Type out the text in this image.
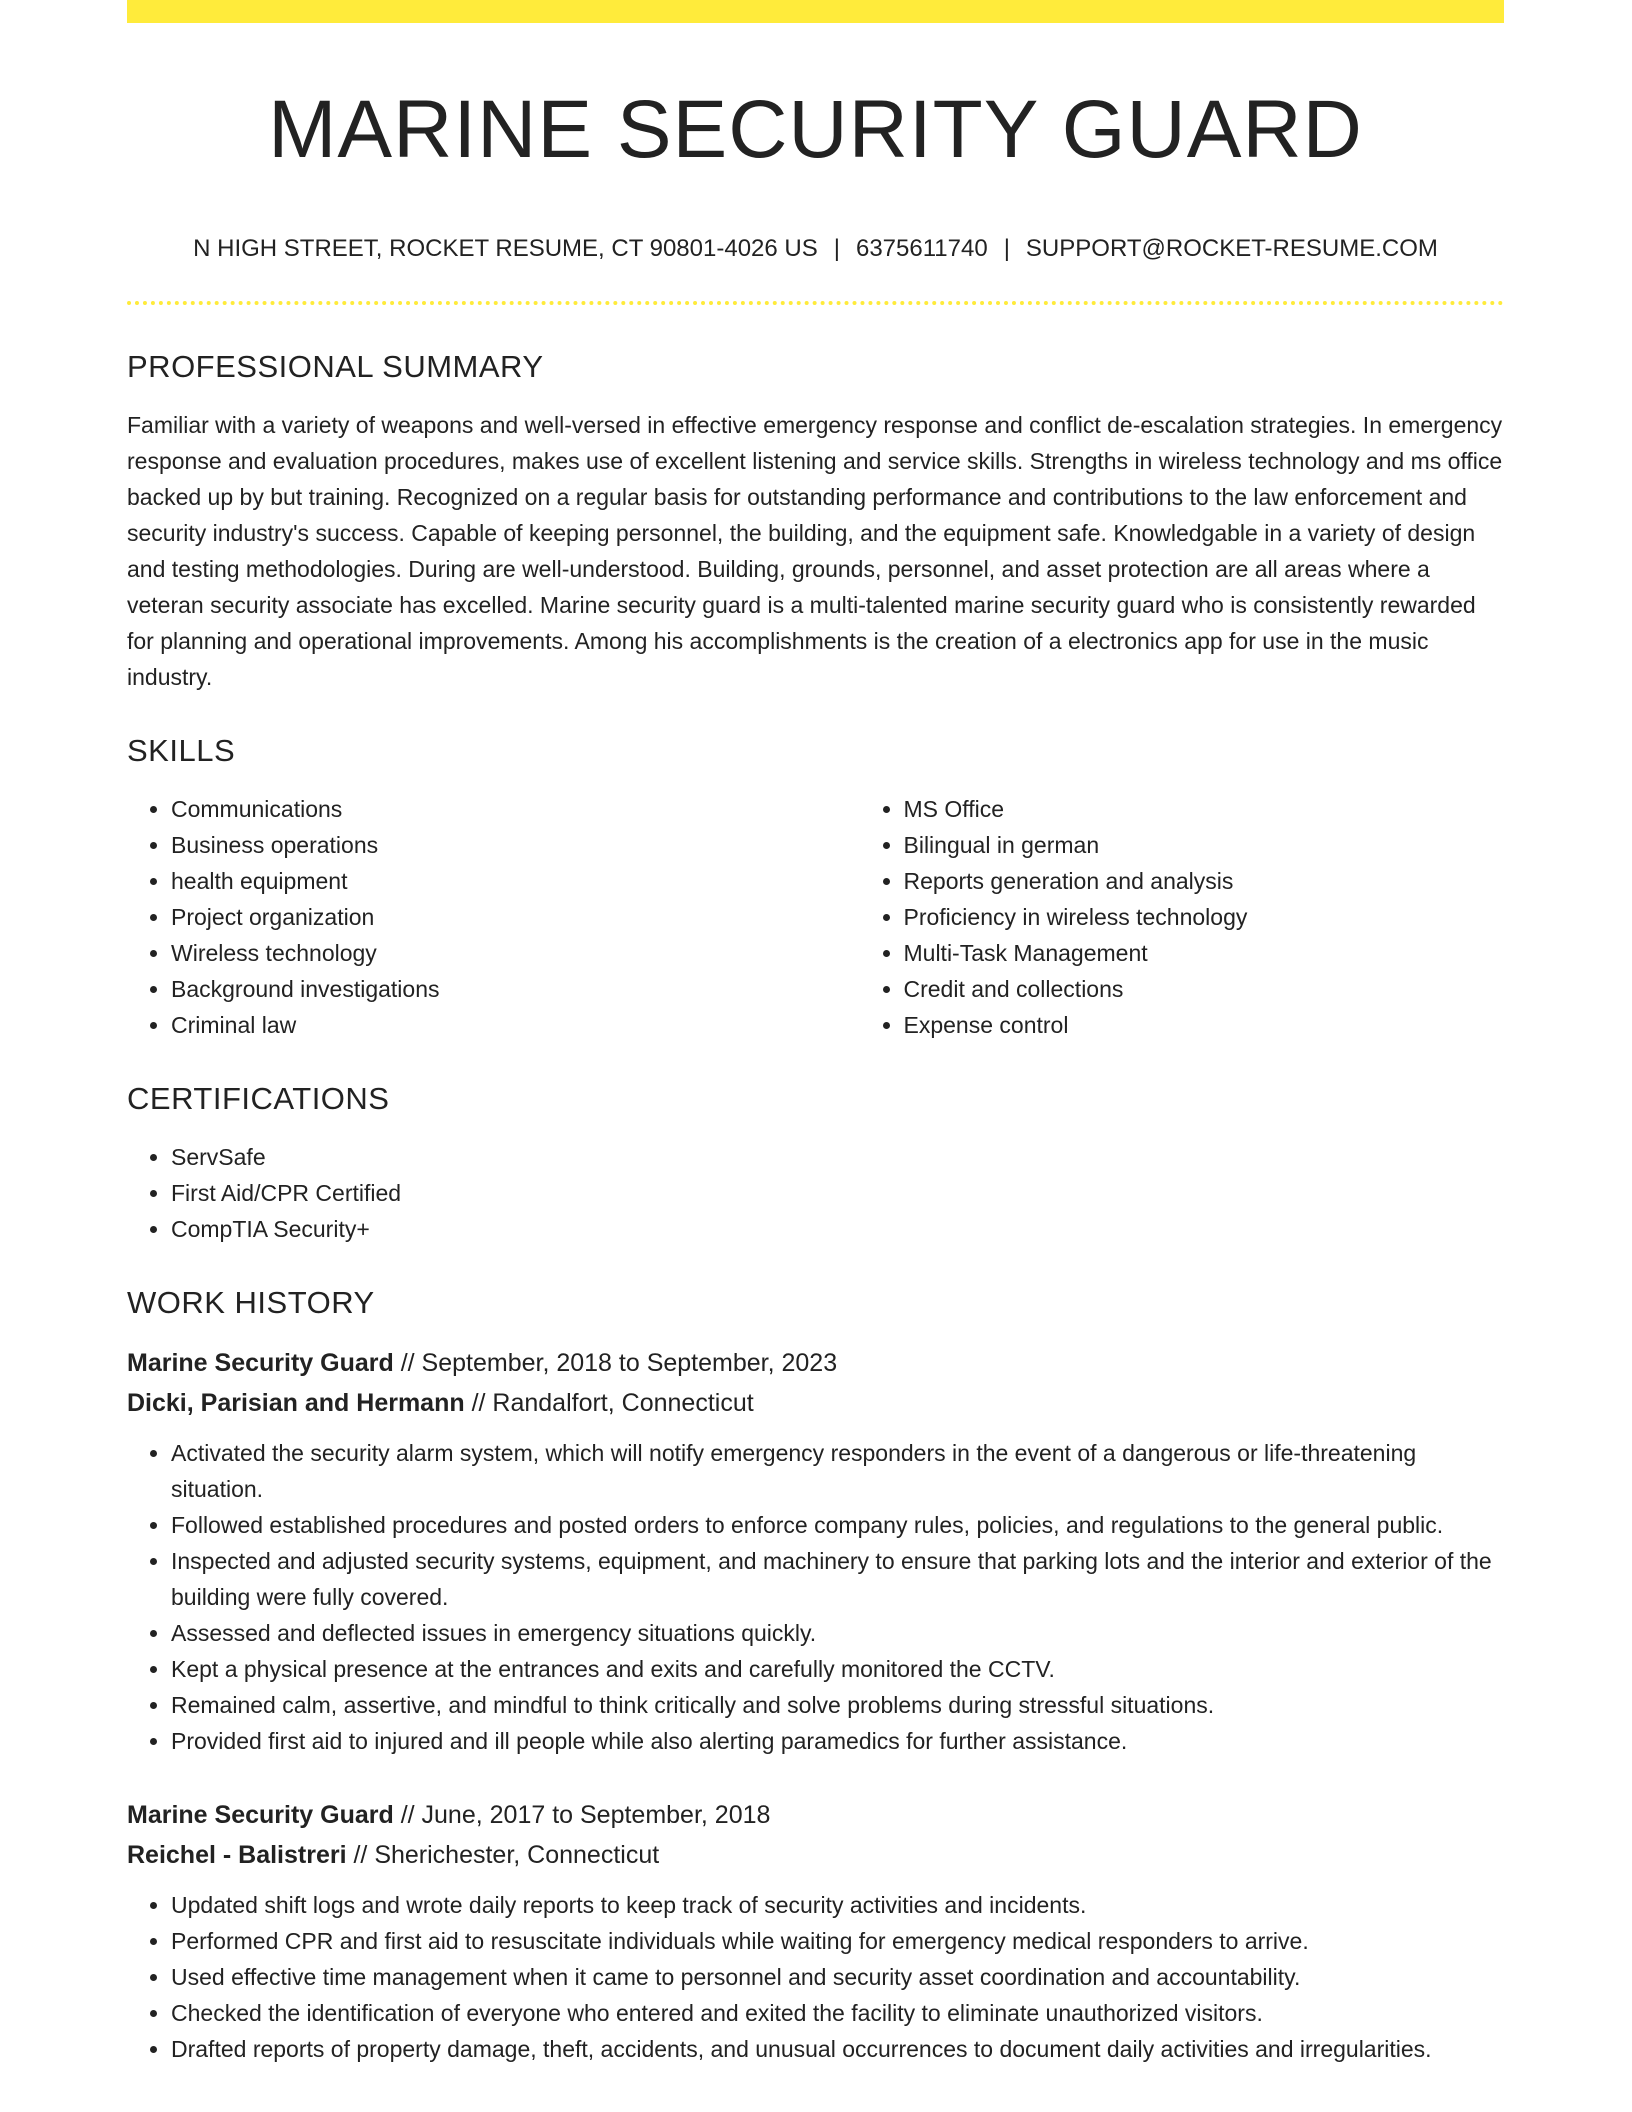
MARINE SECURITY GUARD
N HIGH STREET, ROCKET RESUME, CT 90801-4026 US | 6375611740 | SUPPORT@ROCKET-RESUME.COM
PROFESSIONAL SUMMARY

Familiar with a variety of weapons and well-versed in effective emergency response and conflict de-escalation strategies. In emergency response and evaluation procedures, makes use of excellent listening and service skills. Strengths in wireless technology and ms office backed up by but training. Recognized on a regular basis for outstanding performance and contributions to the law enforcement and security industry's success. Capable of keeping personnel, the building, and the equipment safe. Knowledgable in a variety of design and testing methodologies. During are well-understood. Building, grounds, personnel, and asset protection are all areas where a veteran security associate has excelled. Marine security guard is a multi-talented marine security guard who is consistently rewarded for planning and operational improvements. Among his accomplishments is the creation of a electronics app for use in the music industry.

SKILLS
• Communications
• Business operations
• health equipment
• Project organization
• Wireless technology
• Background investigations
• Criminal law
• MS Office
• Bilingual in german
• Reports generation and analysis
• Proficiency in wireless technology
• Multi-Task Management
• Credit and collections
• Expense control
CERTIFICATIONS
• ServSafe
• First Aid/CPR Certified
• CompTIA Security+
WORK HISTORY
Marine Security Guard // September, 2018 to September, 2023
Dicki, Parisian and Hermann // Randalfort, Connecticut
• Activated the security alarm system, which will notify emergency responders in the event of a dangerous or life-threatening situation.
• Followed established procedures and posted orders to enforce company rules, policies, and regulations to the general public.
• Inspected and adjusted security systems, equipment, and machinery to ensure that parking lots and the interior and exterior of the building were fully covered.
• Assessed and deflected issues in emergency situations quickly.
• Kept a physical presence at the entrances and exits and carefully monitored the CCTV.
• Remained calm, assertive, and mindful to think critically and solve problems during stressful situations.
• Provided first aid to injured and ill people while also alerting paramedics for further assistance.
Marine Security Guard // June, 2017 to September, 2018
Reichel - Balistreri // Sherichester, Connecticut
• Updated shift logs and wrote daily reports to keep track of security activities and incidents.
• Performed CPR and first aid to resuscitate individuals while waiting for emergency medical responders to arrive.
• Used effective time management when it came to personnel and security asset coordination and accountability.
• Checked the identification of everyone who entered and exited the facility to eliminate unauthorized visitors.
• Drafted reports of property damage, theft, accidents, and unusual occurrences to document daily activities and irregularities.
